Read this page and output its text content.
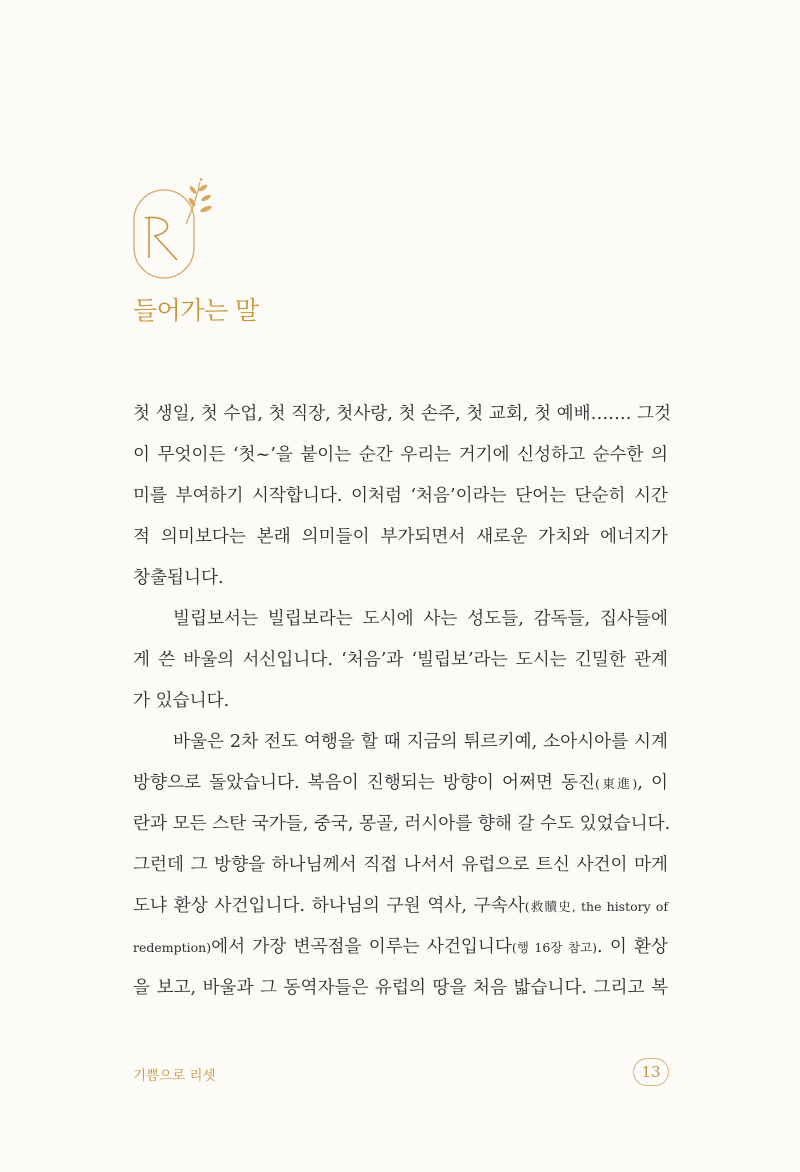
들어가는 말
첫 생일, 첫 수업, 첫 직장, 첫사랑, 첫 손주, 첫 교회, 첫 예배……. 그것
이 무엇이든 ‘첫~’을 붙이는 순간 우리는 거기에 신성하고 순수한 의
미를 부여하기 시작합니다. 이처럼 ‘처음’이라는 단어는 단순히 시간
적 의미보다는 본래 의미들이 부가되면서 새로운 가치와 에너지가
창출됩니다.
빌립보서는 빌립보라는 도시에 사는 성도들, 감독들, 집사들에
게 쓴 바울의 서신입니다. ‘처음’과 ‘빌립보’라는 도시는 긴밀한 관계
가 있습니다.
바울은 2차 전도 여행을 할 때 지금의 튀르키예, 소아시아를 시계
방향으로 돌았습니다. 복음이 진행되는 방향이 어쩌면 동진(東進), 이
란과 모든 스탄 국가들, 중국, 몽골, 러시아를 향해 갈 수도 있었습니다.
그런데 그 방향을 하나님께서 직접 나서서 유럽으로 트신 사건이 마게
도냐 환상 사건입니다. 하나님의 구원 역사, 구속사(救贖史, the history of
redemption)에서 가장 변곡점을 이루는 사건입니다(행 16장 참고). 이 환상
을 보고, 바울과 그 동역자들은 유럽의 땅을 처음 밟습니다. 그리고 복
기쁨으로 리셋	13
